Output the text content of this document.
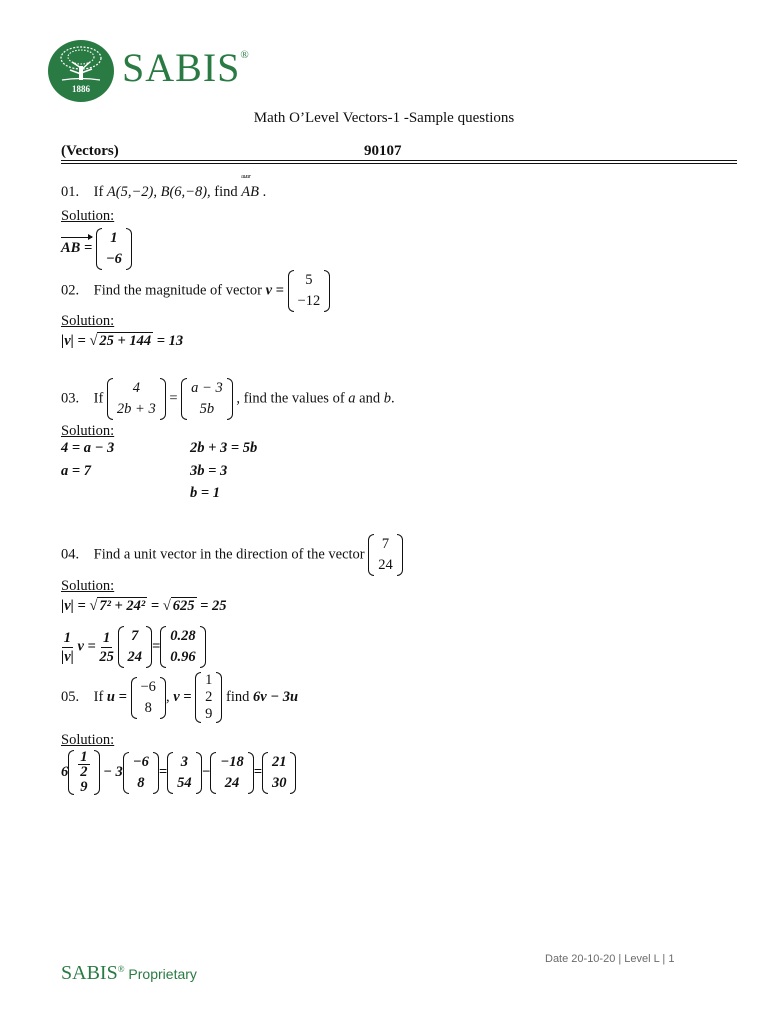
1886 SABIS®
Math O’Level Vectors-1 -Sample questions
(Vectors)	90107
01. If A(5,−2), B(6,−8), find
uuur
AB .
Solution:
AB =
1
−6
02. Find the magnitude of vector v =
5
−12
Solution:
|v| = √ 25 + 144 = 13
03. If
4
2b + 3
=
a − 3
5b
, find the values of a and b.
Solution:
4 = a − 3
a = 7
2b + 3 = 5b
3b = 3
b = 1
04. Find a unit vector in the direction of the vector
7
24
Solution:
|v| = √ 7² + 24² = √ 625 = 25
$\frac{1}{|v|}$ $v = \frac{1}{25}$
7
24
=
0.28
0.96
05. If u =
−6
8
, v =
1
2
9
find 6v − 3u
Solution:
$6 \frac{1}{2}$
9
− 3
−6
8
=
3
54
−
−18
24
=
21
30
Date 20-10-20 | Level L | 1
SABIS® Proprietary
